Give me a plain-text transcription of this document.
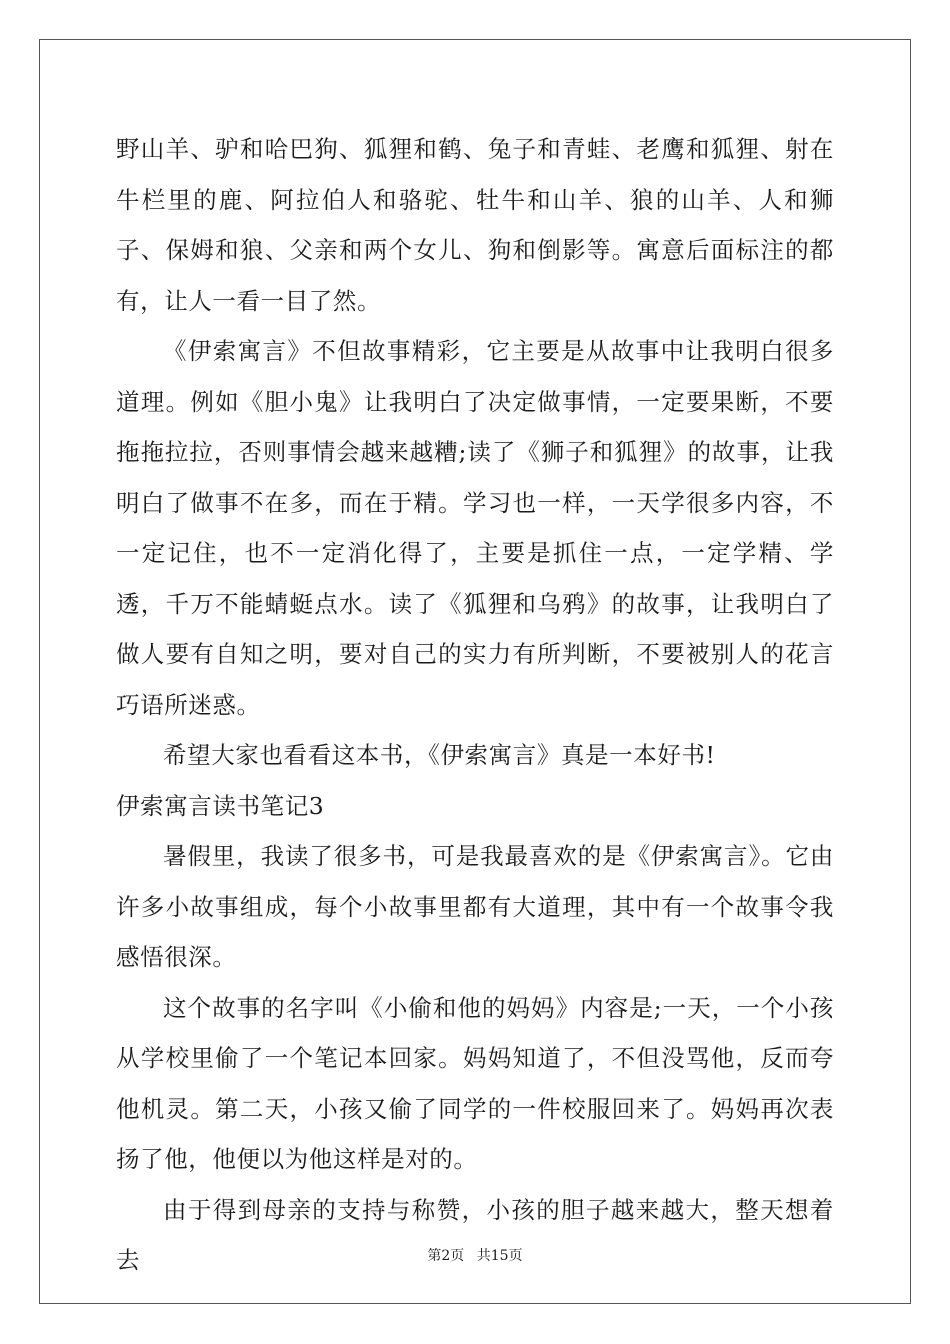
野山羊、驴和哈巴狗、狐狸和鹤、兔子和青蛙、老鹰和狐狸、射在牛栏里的鹿、阿拉伯人和骆驼、牡牛和山羊、狼的山羊、人和狮子、保姆和狼、父亲和两个女儿、狗和倒影等。寓意后面标注的都有，让人一看一目了然。

《伊索寓言》不但故事精彩，它主要是从故事中让我明白很多道理。例如《胆小鬼》让我明白了决定做事情，一定要果断，不要拖拖拉拉，否则事情会越来越糟;读了《狮子和狐狸》的故事，让我明白了做事不在多，而在于精。学习也一样，一天学很多内容，不一定记住，也不一定消化得了，主要是抓住一点，一定学精、学透，千万不能蜻蜓点水。读了《狐狸和乌鸦》的故事，让我明白了做人要有自知之明，要对自己的实力有所判断，不要被别人的花言巧语所迷惑。

希望大家也看看这本书，《伊索寓言》真是一本好书!

伊索寓言读书笔记3

暑假里，我读了很多书，可是我最喜欢的是《伊索寓言》。它由许多小故事组成，每个小故事里都有大道理，其中有一个故事令我感悟很深。

这个故事的名字叫《小偷和他的妈妈》内容是;一天，一个小孩从学校里偷了一个笔记本回家。妈妈知道了，不但没骂他，反而夸他机灵。第二天，小孩又偷了同学的一件校服回来了。妈妈再次表扬了他，他便以为他这样是对的。

由于得到母亲的支持与称赞，小孩的胆子越来越大，整天想着去	第2页 共15页
